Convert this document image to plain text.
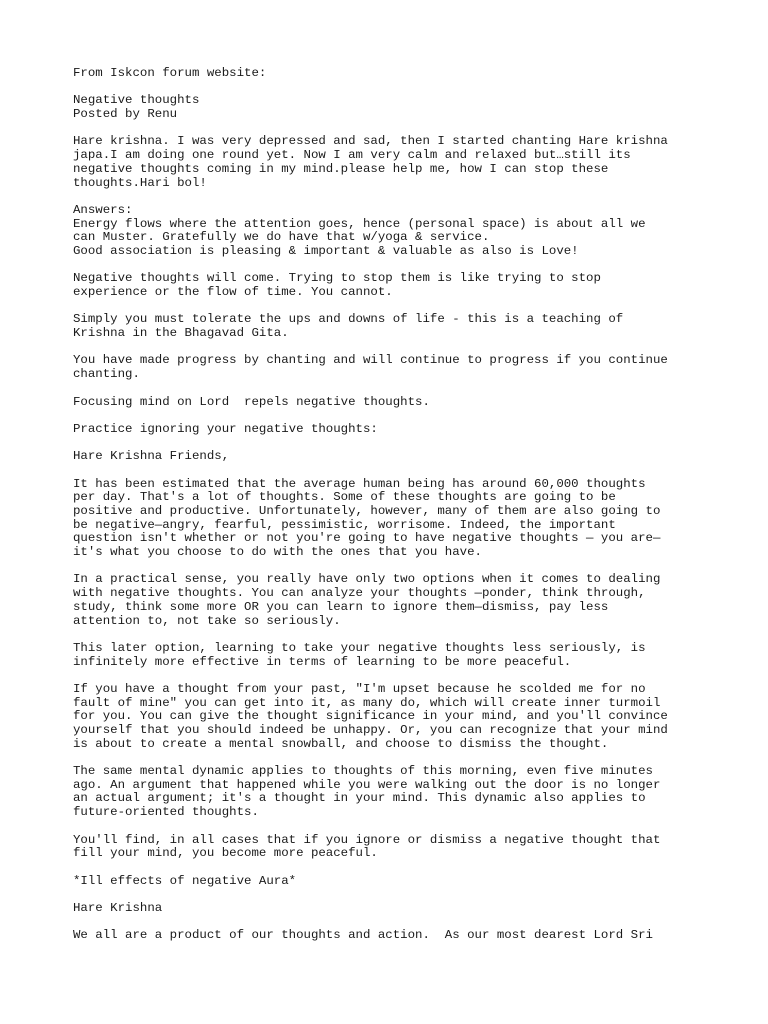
From Iskcon forum website:
Negative thoughts
Posted by Renu
Hare krishna. I was very depressed and sad, then I started chanting Hare krishna
japa.I am doing one round yet. Now I am very calm and relaxed but…still its
negative thoughts coming in my mind.please help me, how I can stop these
thoughts.Hari bol!
Answers:
Energy flows where the attention goes, hence (personal space) is about all we
can Muster. Gratefully we do have that w/yoga & service.
Good association is pleasing & important & valuable as also is Love!
Negative thoughts will come. Trying to stop them is like trying to stop
experience or the flow of time. You cannot.
Simply you must tolerate the ups and downs of life - this is a teaching of
Krishna in the Bhagavad Gita.
You have made progress by chanting and will continue to progress if you continue
chanting.
Focusing mind on Lord  repels negative thoughts.
Practice ignoring your negative thoughts:
Hare Krishna Friends,
It has been estimated that the average human being has around 60,000 thoughts
per day. That's a lot of thoughts. Some of these thoughts are going to be
positive and productive. Unfortunately, however, many of them are also going to
be negative—angry, fearful, pessimistic, worrisome. Indeed, the important
question isn't whether or not you're going to have negative thoughts — you are—
it's what you choose to do with the ones that you have.
In a practical sense, you really have only two options when it comes to dealing
with negative thoughts. You can analyze your thoughts —ponder, think through,
study, think some more OR you can learn to ignore them—dismiss, pay less
attention to, not take so seriously.
This later option, learning to take your negative thoughts less seriously, is
infinitely more effective in terms of learning to be more peaceful.
If you have a thought from your past, "I'm upset because he scolded me for no
fault of mine" you can get into it, as many do, which will create inner turmoil
for you. You can give the thought significance in your mind, and you'll convince
yourself that you should indeed be unhappy. Or, you can recognize that your mind
is about to create a mental snowball, and choose to dismiss the thought.
The same mental dynamic applies to thoughts of this morning, even five minutes
ago. An argument that happened while you were walking out the door is no longer
an actual argument; it's a thought in your mind. This dynamic also applies to
future-oriented thoughts.
You'll find, in all cases that if you ignore or dismiss a negative thought that
fill your mind, you become more peaceful.
*Ill effects of negative Aura*
Hare Krishna
We all are a product of our thoughts and action.  As our most dearest Lord Sri
